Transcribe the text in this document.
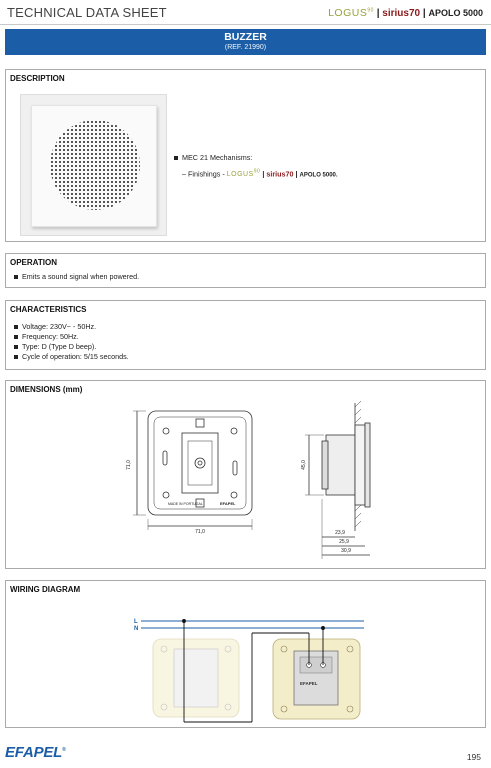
TECHNICAL DATA SHEET	LOGUS$^{90}$ | sirius70 | APOLO 5000
BUZZER
(REF. 21990)
DESCRIPTION
MEC 21 Mechanisms:
– Finishings - LOGUS$^{90}$ | sirius70 | APOLO 5000.
OPERATION
Emits a sound signal when powered.
CHARACTERISTICS
Voltage: 230V~ - 50Hz.
Frequency: 50Hz.
Type: D (Type D beep).
Cycle of operation: 5/15 seconds.
DIMENSIONS (mm)
71,0
71,0
MADE IN PORTUGAL	EFAPEL
45,0
23,9
25,9
30,9
WIRING DIAGRAM
EFAPEL
L
N
EFAPEL®
195
